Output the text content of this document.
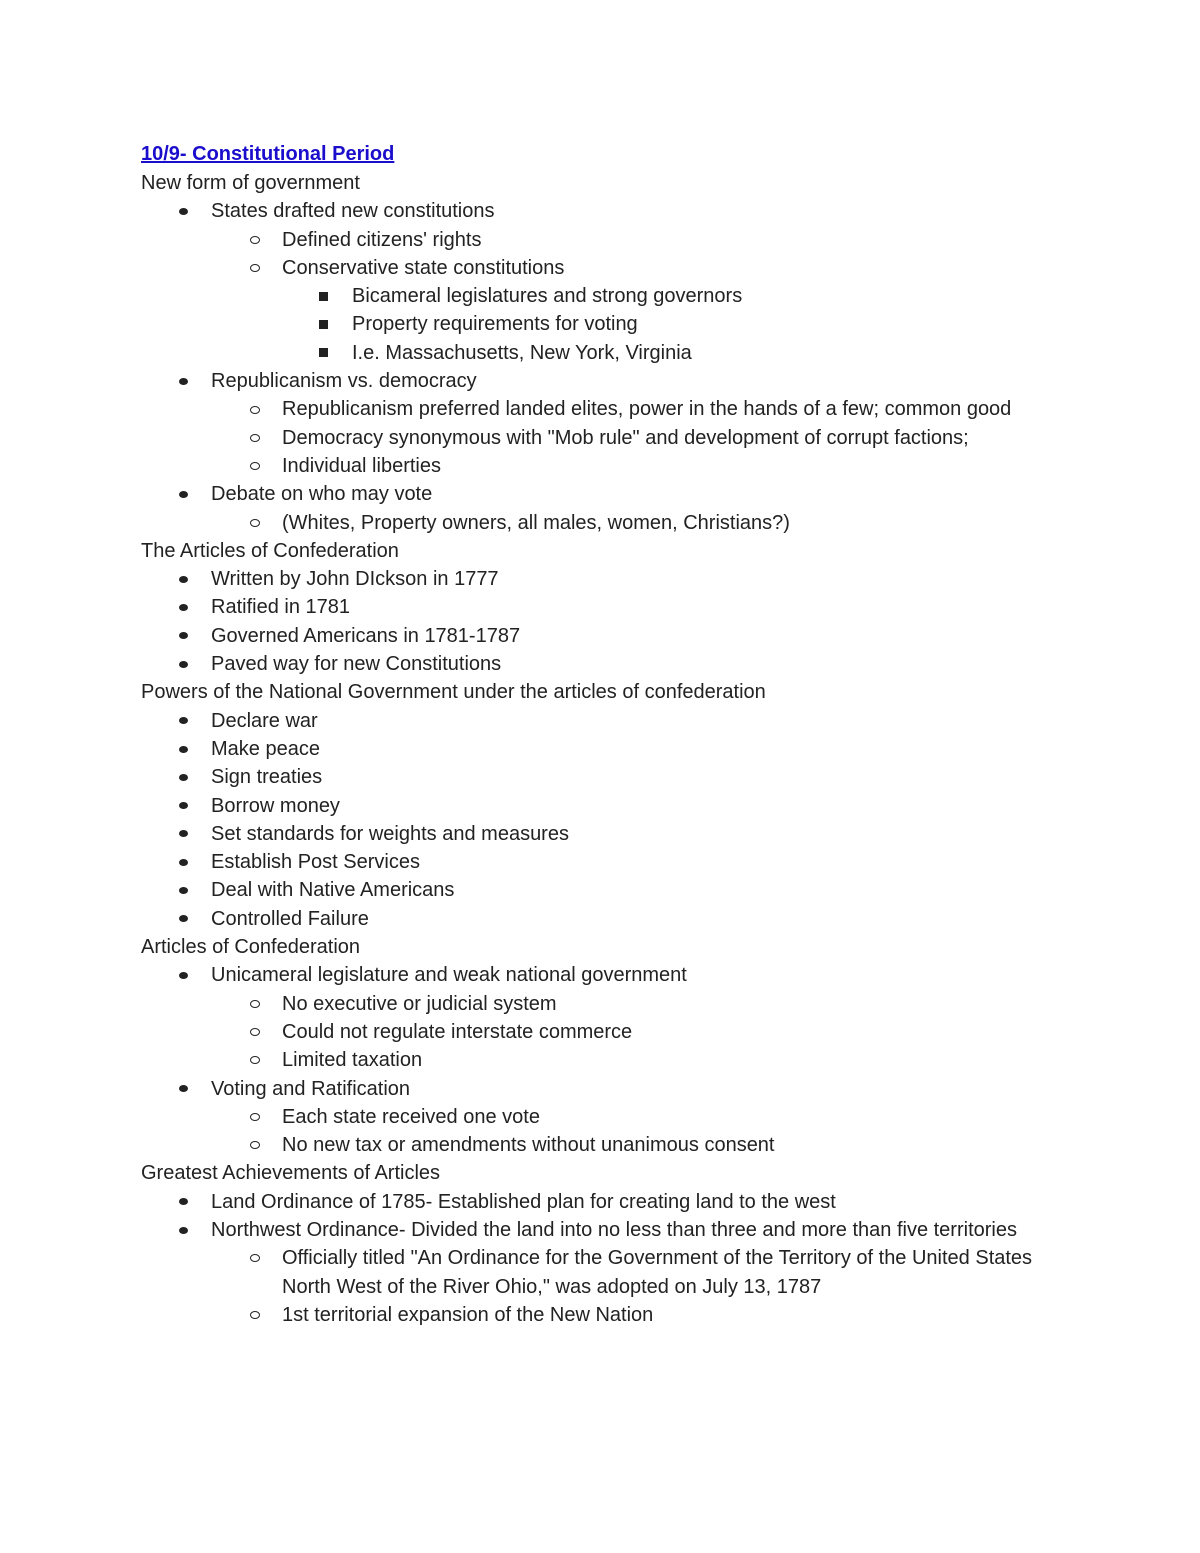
10/9- Constitutional Period
New form of government
States drafted new constitutions
Defined citizens' rights
Conservative state constitutions
Bicameral legislatures and strong governors
Property requirements for voting
I.e. Massachusetts, New York, Virginia
Republicanism vs. democracy
Republicanism preferred landed elites, power in the hands of a few; common good
Democracy synonymous with "Mob rule" and development of corrupt factions;
Individual liberties
Debate on who may vote
(Whites, Property owners, all males, women, Christians?)
The Articles of Confederation
Written by John DIckson in 1777
Ratified in 1781
Governed Americans in 1781-1787
Paved way for new Constitutions
Powers of the National Government under the articles of confederation
Declare war
Make peace
Sign treaties
Borrow money
Set standards for weights and measures
Establish Post Services
Deal with Native Americans
Controlled Failure
Articles of Confederation
Unicameral legislature and weak national government
No executive or judicial system
Could not regulate interstate commerce
Limited taxation
Voting and Ratification
Each state received one vote
No new tax or amendments without unanimous consent
Greatest Achievements of Articles
Land Ordinance of 1785- Established plan for creating land to the west
Northwest Ordinance- Divided the land into no less than three and more than five territories
Officially titled "An Ordinance for the Government of the Territory of the United States North West of the River Ohio," was adopted on July 13, 1787
1st territorial expansion of the New Nation
